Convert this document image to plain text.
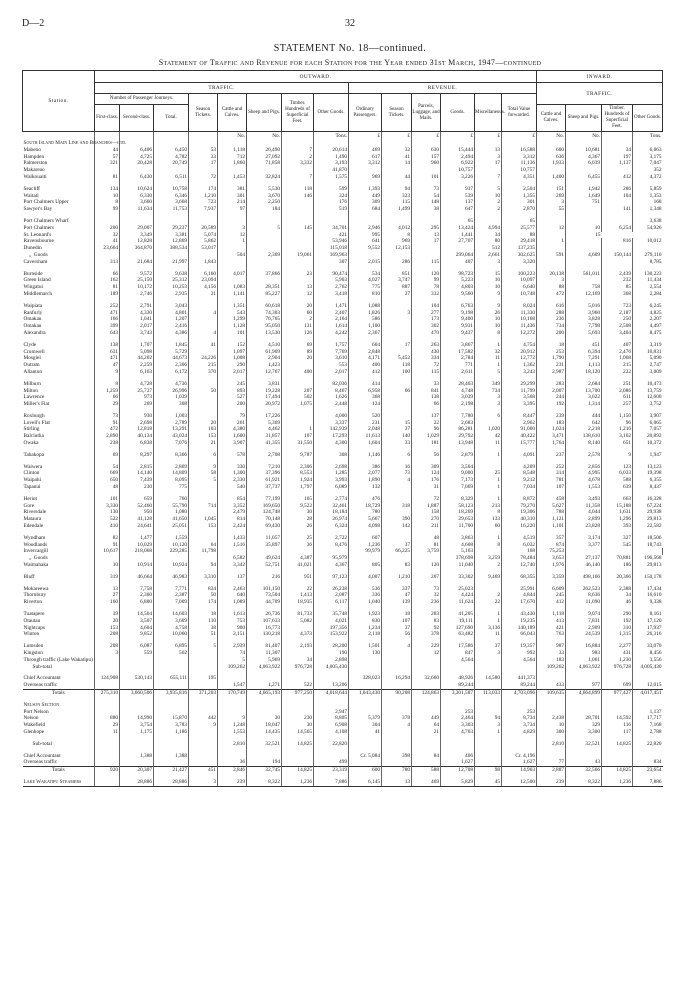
D—2	32
STATEMENT No. 18—continued.
Statement of Traffic and Revenue for each Station for the Year ended 31st March, 1947—continued
Station.	OUTWARD.														INWARD.				
	TRAFFIC.								REVENUE.						TRAFFIC.				
	Number of Passenger Journeys.			Season Tickets.	Cattle and Calves.	Sheep and Pigs.	Timber. Hundreds of Superficial Feet.	Other Goods.	Ordinary Passengers.	Season Tickets.	Parcels, Luggage, and Mails.	Goods.	Miscellaneous.	Total Value forwarded.					
	First-class.	Second-class.	Total.												Cattle and Calves.	Sheep and Pigs.	Timber. Hundreds of Superficial Feet.	Other Goods.	
					No.	No.		Tons.	£	£	£	£	£	£	No.	No.		Tons.	
South Island Main Line and Branches—ctd.																			
Mabeno	44	6,406	6,450	53	1,118	26,490	7	20,614	469	32	630	15,444	13	16,588	600	10,681	34	6,063	
Hampden	57	4,725	4,782	33	712	27,092	2	1,490	617	41	157	2,494	3	3,312	636	4,367	197	3,175	
Palmerston	321	20,428	20,749	17	1,860	71,858	3,332	3,193	3,312	14	960	6,922	17	11,136	1,933	6,039	1,137	7,047	
Makareao								41,870				10,757		10,757				352	
Waikouaiti	81	6,430	6,511	72	1,453	32,824	7	1,575	969	44	101	3,226	7	4,351	1,400	6,455	412	4,372	

Seacliff	134	10,624	10,758	174	381	5,530	118	599	1,393	94	73	937	5	2,504	151	1,942	286	5,859	
Waitati	10	6,330	6,346	1,210	301	3,670	146	324	449	323	54	539	10	1,355	269	1,649	104	1,353	
Port Chalmers Upper	8	3,660	3,668	723	214	2,250		176	309	115	148	137	2	301	3	751		168	
Sawyer's Bay	99	11,634	11,753	7,937	97	184		519	684	1,499	38	647	2	2,870	55		141	1,348	

Port Chalmers Wharf												65		65				3,638	
Port Chalmers	200	29,007	29,237	20,589	3	5	145	34,701	2,946	4,012	295	13,424	4,994	25,577	12	10	6,254	54,926	
St. Leonard's	32	3,349	3,381	5,074	12			421	995	8	13	1,441	34	88		15			
Ravensbourne	41	12,828	12,869	5,862	1			53,946	641	969	17	27,707	80	29,418	1		816	10,012	
Dunedin	23,664	364,870	388,534	53,017				115,018	9,552	12,153			512	137,235					
„  Goods					504	2,369	19,061	169,963				299,064	2,661	302,625	591	4,609	150,144	279,110	
Caversham	313	21,684	21,997	1,843				307	2,015	286	115	407	3	3,320				8,785	

Burnside	66	9,572	9,638	6,160	4,017	37,866	23	90,474	534	851	120	98,723	15	100,223	20,138	561,011	2,439	130,223	
Green Island	162	25,150	25,312	23,094				5,903	4,027	3,747	99	5,223	10	10,097	3		232	11,434	
Wingatui	81	10,172	10,253	4,156	1,083	28,351	13	2,762	775	887	78	4,803	10	6,640	88	758	85	2,554	
Middlemarch	189	2,746	2,935	31	1,141	85,227	12	3,418	810	37	332	9,560	9	10,748	472	12,169	368	2,284	

Waipiata	252	2,791	3,043		1,351	60,618	20	1,471	1,088		104	6,763	9	8,024	616	5,016	723	6,245	
Ranfurly	471	4,330	4,801	4	543	74,303	60	2,407	1,826	3	277	9,198	26	11,330	288	3,960	2,187	4,825	
Omakau	166	1,041	1,207		1,299	76,765	2	2,164	586		173	9,400	10	10,168	236	3,828	250	2,207	
Omakau	399	2,017	2,416		1,128	95,050	131	1,614	1,100		302	9,931	10	11,436	734	7,798	2,508	4,497	
Alexandra	643	3,743	4,386	4	101	13,530	126	4,242	2,367		470	9,437	8	12,272	200	5,693	3,404	8,475	

Clyde	138	1,707	1,845	41	152	4,510	69	1,757	604	17	263	3,867	1	4,754	18	451	407	3,319	
Cromwell	631	5,098	5,729		1,097	61,909	89	7,769	2,848		430	17,582	32	20,912	253	6,394	2,476	10,831	
Mosgiel	471	44,202	44,673	24,226	1,008	2,904	20	3,610	4,171	5,452	334	2,784	11	12,772	1,790	7,291	1,068	5,090	
Outram	47	2,259	2,306	215	290	1,423		553	400	118	72	771	1	1,362	231	1,113	215	2,747	
Allanton	9	6,163	6,172	370	2,017	12,767	400	2,017	412	100	115	2,611	5	3,243	2,987	18,120	222	3,009	

Milburn	8	4,728	4,736		245	3,831		82,036	414		33	28,403	349	29,299	283	2,684	251	10,473	
Milton	1,259	25,737	26,996	50	893	19,228	207	8,467	6,958	66	841	4,748	734	11,799	2,007	13,700	2,086	13,759	
Lawrence	66	973	1,039		527	17,494	502	1,626	368		138	3,039	3	3,568	244	3,022	611	12,600	
Miller's Flat	29	269	308		200	20,972	1,075	2,448	124		66	2,198	3	3,395	192	1,314	257	3,752	

Roxburgh	73	930	1,003		79	17,226		4,000	520		137	7,780	6	8,447	239	444	1,150	3,907	
Lovell's Flat	91	2,698	2,789	20	261	5,369		3,337	231	15	22	2,683		2,962	183	642	96	6,065	
Stirling	472	12,818	13,291	103	4,380	4,462	1	142,939	2,048	37	96	86,281	1,020	91,000	1,024	2,218	1,216	7,057	
Balclutha	2,890	40,134	43,024	153	1,600	31,857	107	17,293	11,613	140	1,029	29,792	42	40,422	3,471	138,610	3,162	20,892	
Owaka	238	6,838	7,076	21	3,907	41,355	31,550	4,300	1,604	33	181	13,948	11	15,777	1,764	8,140	651	10,372	

Tahakopa	69	8,297	8,366	6	578	2,708	9,787	308	1,146	6	56	2,879	1	4,091	237	2,578	9	1,947	

Waiwera	54	2,815	2,869	9	330	7,210	2,306	2,698	386	16	309	3,504		4,209	252	2,856	123	13,123	
Clinton	669	14,140	14,809	58	1,300	37,396	8,553	1,285	2,077	73	124	9,000	25	8,548	314	4,995	6,033	19,398	
Waipahi	650	7,439	8,095	5	2,330	61,921	1,924	3,993	1,890	4	176	7,173	1	9,212	781	4,678	588	6,355	
Tapanui	48	230	775		540	37,737	1,797	6,089	132		31	7,069	1	7,034	107	1,553	639	8,437	

Heriot	101	659	760		854	77,199	165	2,774	476		72	8,329	1	8,872	458	3,493	663	16,328	
Gore	3,330	52,460	55,790	714	3,352	169,650	9,522	32,461	18,729	318	1,887	58,123	213	79,270	5,627	11,358	15,188	67,224	
Riversdale	130	950	1,080		2,479	124,748	30	18,184	780		158	18,269	8	19,306	788	4,044	1,631	29,938	
Mataura	522	41,128	41,650	1,045	814	70,148	28	26,974	5,667	390	270	29,653	133	40,310	1,121	2,899	1,296	29,813	
Edendale	410	24,641	25,051	153	2,424	69,430	26	6,324	4,098	142	211	11,700	60	16,220	1,101	23,828	393	22,582	

Wyndham	82	1,477	1,559		1,433	11,057	25	2,722	607		48	3,863	1	4,519	357	3,174	327	18,506	
Woodlands	91	10,029	10,120	64	1,516	35,897	36	8,476	1,236	37	81	4,608	8	6,032	874	3,377	545	18,743	
Invercargill	10,617	218,068	229,285	11,798					99,979	66,225	3,759	5,163		168	75,253				
„  Goods					6,582	49,624	4,387	95,979				378,698	3,259	78,484	3,653	27,137	70,881	196,568	
Waimahaka	10	10,914	10,924	94	3,342	52,751	41,021	4,367	805	83	120	11,040	2	12,740	1,976	46,140	186	29,813	

Bluff	319	46,664	46,983	3,310	137	216	951	97,123	4,007	1,210	207	33,302	9,469	68,355	3,359	498,166	20,366	150,178	

Mokareewa	13	7,758	7,771	834	2,463	101,150	22	26,238	536	337	73	25,023		25,991	6,609	262,523	2,388	17,434	
Thornbury	27	2,360	2,387	50	640	73,504	1,413	2,087	336	47	32	4,424	2	4,844	245	8,636	34	16,610	
Riverton	160	6,800	7,009	174	1,089	44,709	18,935	6,117	1,040	139	236	11,624	22	17,670	412	11,090	46	9,338	

Tuatapere	39	14,504	14,603	18	1,613	26,736	81,733	35,748	1,923	18	283	41,205	1	43,430	1,118	9,074	290	8,161	
Otautau	20	3,507	3,609	110	753	107,633	5,082	4,021	830	107	83	19,111	1	19,235	413	7,831	192	17,120	
Nightcaps	153	4,604	4,758	38	900	16,773		197,356	1,234	37	92	127,690	3,136	140,189	421	2,909	310	17,937	
Winton	208	9,852	10,060	51	2,151	130,218	4,373	153,922	2,118	56	378	63,482	11	66,043	763	24,539	1,315	26,316	

Lumsden	208	6,087	6,895	5	2,939	81,407	2,193	28,200	1,501	4	229	17,586	37	19,357	987	16,884	2,277	33,070	
Kingston	3	559	562		74	11,307		190	130		12	847	3	992	33	983	431	8,456	
Through traffic (Lake Wakatipu)					5	5,969	34	2,898				4,564		4,564	183	1,061	1,230	3,556	
Sub-total					109,262	4,063,922	976,728	4,005,430							109,262	4,063,922	976,728	4,005,430	

Chief Accountant	124,908	530,143	655,111	195					328,023	16,294	32,660	48,926	14,580	441,373					
Overseas traffic					1,547	1,271	522	13,206				89,244		89,244	433	977	699	12,015	
Totals	275,310	3,660,506	3,935,816	371,203	170,749	4,665,193	977,250	4,018,644	1,043,430	90,208	124,863	3,301,587	113,033	4,703,096	109,635	4,664,899	977,427	4,017,451	

Nelson Section																			
Port Nelson								2,947				253		253				1,137	
Nelson	880	14,990	15,870	442	9	30	230	8,805	5,379	378	449	2,464	94	8,734	2,438	28,701	14,592	17,717	
Wakefield	29	3,754	3,783	9	1,248	18,047	30	6,908	304	4	64	3,303	3	3,734	10	329	116	7,168	
Glenhope	11	1,175	1,186		1,553	14,435	14,565	4,108	41		21	4,703	1	4,829	300	3,300	117	2,788	

Sub-total					2,810	32,521	14,825	22,820							2,810	32,521	14,825	22,820	

Chief Accountant		1,388	1,388						Cr. 5,084	398	84	406		Cr. 4,196					
Overseas traffic					36	194		499				1,627		1,627	77	43		834	
Totals	920	20,307	21,427	451	2,846	32,745	14,825	23,319	600	780	588	12,708	98	14,903	2,887	32,566	14,825	23,654	

Lake Wakatipu Steamers		28,886	28,886	3	239	8,322	1,236	7,886	6,145	13	469	5,829	45	12,500	239	8,322	1,236	7,886	
